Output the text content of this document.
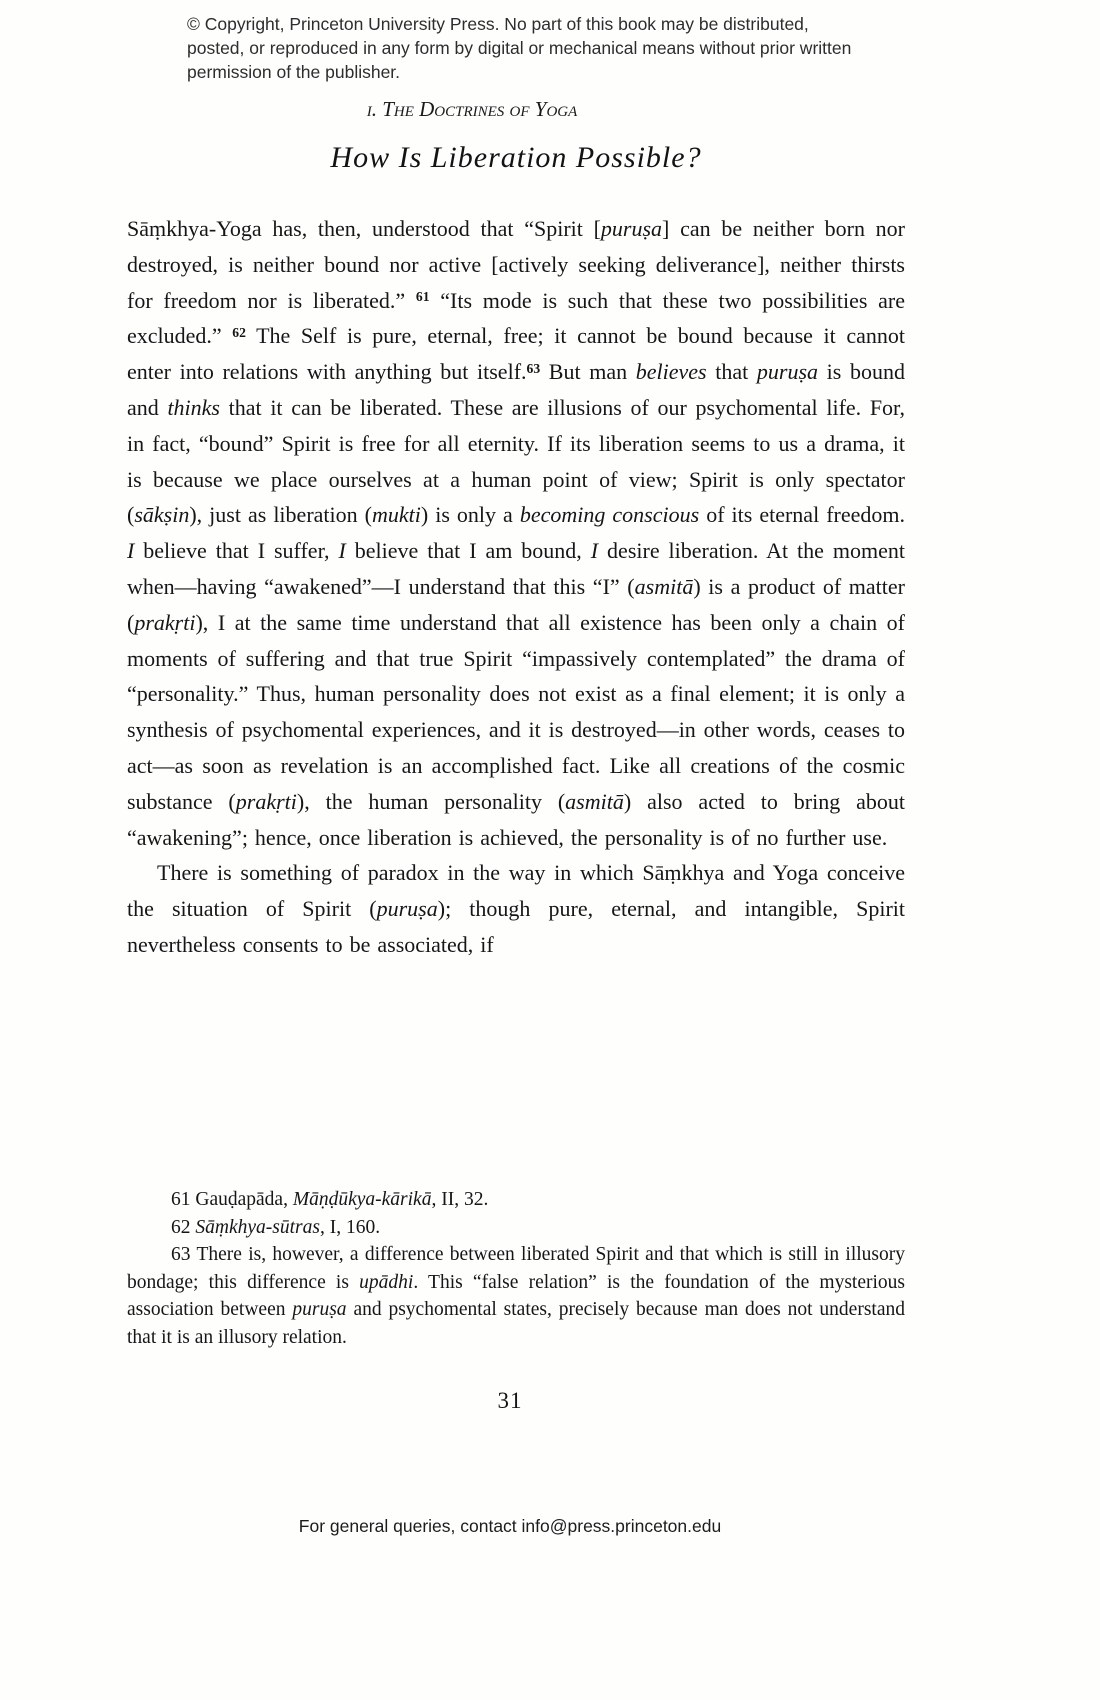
© Copyright, Princeton University Press. No part of this book may be distributed, posted, or reproduced in any form by digital or mechanical means without prior written permission of the publisher.
i. The Doctrines of Yoga
How Is Liberation Possible?

Sāṃkhya-Yoga has, then, understood that “Spirit [puruṣa] can be neither born nor destroyed, is neither bound nor active [actively seeking deliverance], neither thirsts for freedom nor is liberated.” $^{61}$ “Its mode is such that these two possibilities are excluded.” $^{62}$ The Self is pure, eternal, free; it cannot be bound because it cannot enter into relations with anything but itself.$^{63}$ But man believes that puruṣa is bound and thinks that it can be liberated. These are illusions of our psychomental life. For, in fact, “bound” Spirit is free for all eternity. If its liberation seems to us a drama, it is because we place ourselves at a human point of view; Spirit is only spectator (sākṣin), just as liberation (mukti) is only a becoming conscious of its eternal freedom. I believe that I suffer, I believe that I am bound, I desire liberation. At the moment when—having “awakened”—I understand that this “I” (asmitā) is a product of matter (prakṛti), I at the same time understand that all existence has been only a chain of moments of suffering and that true Spirit “impassively contemplated” the drama of “personality.” Thus, human personality does not exist as a final element; it is only a synthesis of psychomental experiences, and it is destroyed—in other words, ceases to act—as soon as revelation is an accomplished fact. Like all creations of the cosmic substance (prakṛti), the human personality (asmitā) also acted to bring about “awakening”; hence, once liberation is achieved, the personality is of no further use.

There is something of paradox in the way in which Sāṃkhya and Yoga conceive the situation of Spirit (puruṣa); though pure, eternal, and intangible, Spirit nevertheless consents to be associated, if

61 Gauḍapāda, Māṇḍūkya-kārikā, II, 32.

62 Sāṃkhya-sūtras, I, 160.

63 There is, however, a difference between liberated Spirit and that which is still in illusory bondage; this difference is upādhi. This “false relation” is the foundation of the mysterious association between puruṣa and psychomental states, precisely because man does not understand that it is an illusory relation.

31
For general queries, contact info@press.princeton.edu
